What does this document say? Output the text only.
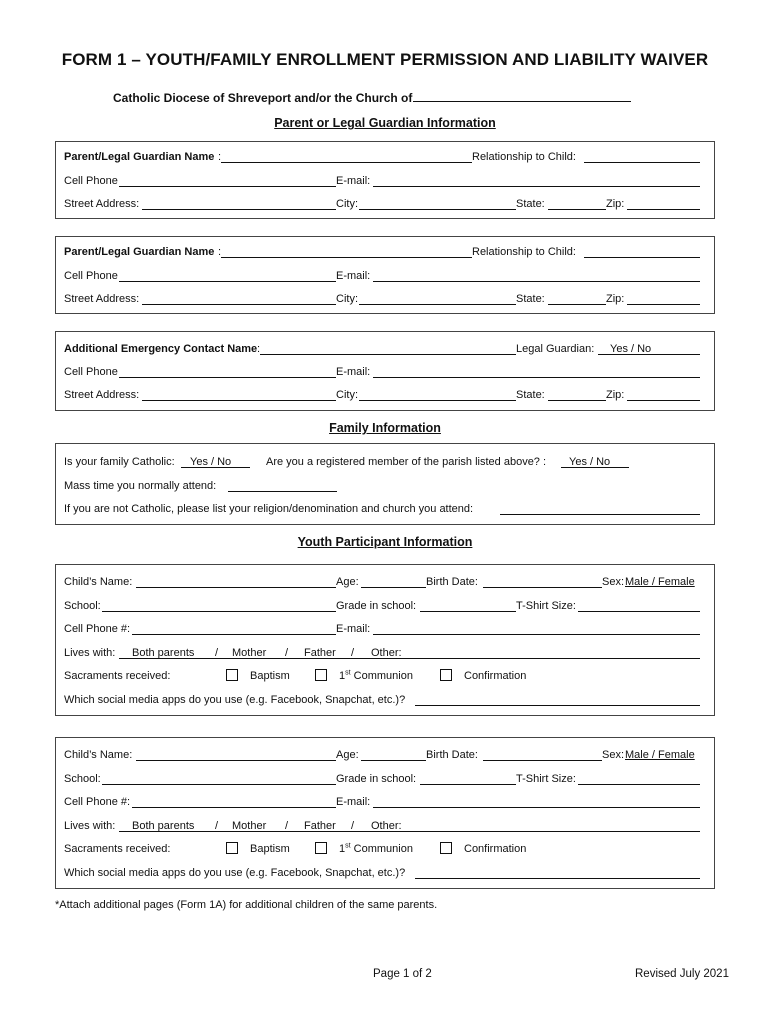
FORM 1 – YOUTH/FAMILY ENROLLMENT PERMISSION AND LIABILITY WAIVER
Catholic Diocese of Shreveport and/or the Church of
Parent or Legal Guardian Information
Parent/Legal Guardian Name :	Relationship to Child:
Cell Phone	E-mail:
Street Address:	City:	State:	Zip:
Parent/Legal Guardian Name :	Relationship to Child:
Cell Phone	E-mail:
Street Address:	City:	State:	Zip:
Additional Emergency Contact Name :	Legal Guardian: Yes / No
Cell Phone	E-mail:
Street Address:	City:	State:	Zip:
Family Information
Is your family Catholic: Yes / No	Are you a registered member of the parish listed above? : Yes / No
Mass time you normally attend:
If you are not Catholic, please list your religion/denomination and church you attend:
Youth Participant Information
Child’s Name:	Age:	Birth Date:	Sex: Male / Female
School:	Grade in school:	T-Shirt Size:
Cell Phone #:	E-mail:
Lives with: Both parents / Mother / Father / Other:
Sacraments received:	Baptism	1st Communion	Confirmation
Which social media apps do you use (e.g. Facebook, Snapchat, etc.)?
Child’s Name:	Age:	Birth Date:	Sex: Male / Female
School:	Grade in school:	T-Shirt Size:
Cell Phone #:	E-mail:
Lives with: Both parents / Mother / Father / Other:
Sacraments received:	Baptism	1st Communion	Confirmation
Which social media apps do you use (e.g. Facebook, Snapchat, etc.)?
*Attach additional pages (Form 1A) for additional children of the same parents.
Page 1 of 2	Revised July 2021
